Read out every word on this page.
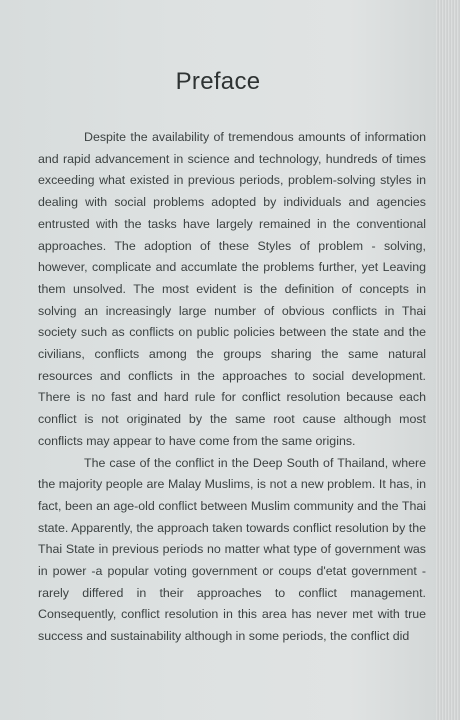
Preface

Despite the availability of tremendous amounts of information and rapid advancement in science and technology, hundreds of times exceeding what existed in previous periods, problem-solving styles in dealing with social problems adopted by individuals and agencies entrusted with the tasks have largely remained in the conventional approaches. The adoption of these Styles of problem - solving, however, complicate and accumlate the problems further, yet Leaving them unsolved. The most evident is the definition of concepts in solving an increasingly large number of obvious conflicts in Thai society such as conflicts on public policies between the state and the civilians, conflicts among the groups sharing the same natural resources and conflicts in the approaches to social development. There is no fast and hard rule for conflict resolution because each conflict is not originated by the same root cause although most conflicts may appear to have come from the same origins.

The case of the conflict in the Deep South of Thailand, where the majority people are Malay Muslims, is not a new problem. It has, in fact, been an age-old conflict between Muslim community and the Thai state. Apparently, the approach taken towards conflict resolution by the Thai State in previous periods no matter what type of government was in power -a popular voting government or coups d'etat government -rarely differed in their approaches to conflict management. Consequently, conflict resolution in this area has never met with true success and sustainability although in some periods, the conflict did
